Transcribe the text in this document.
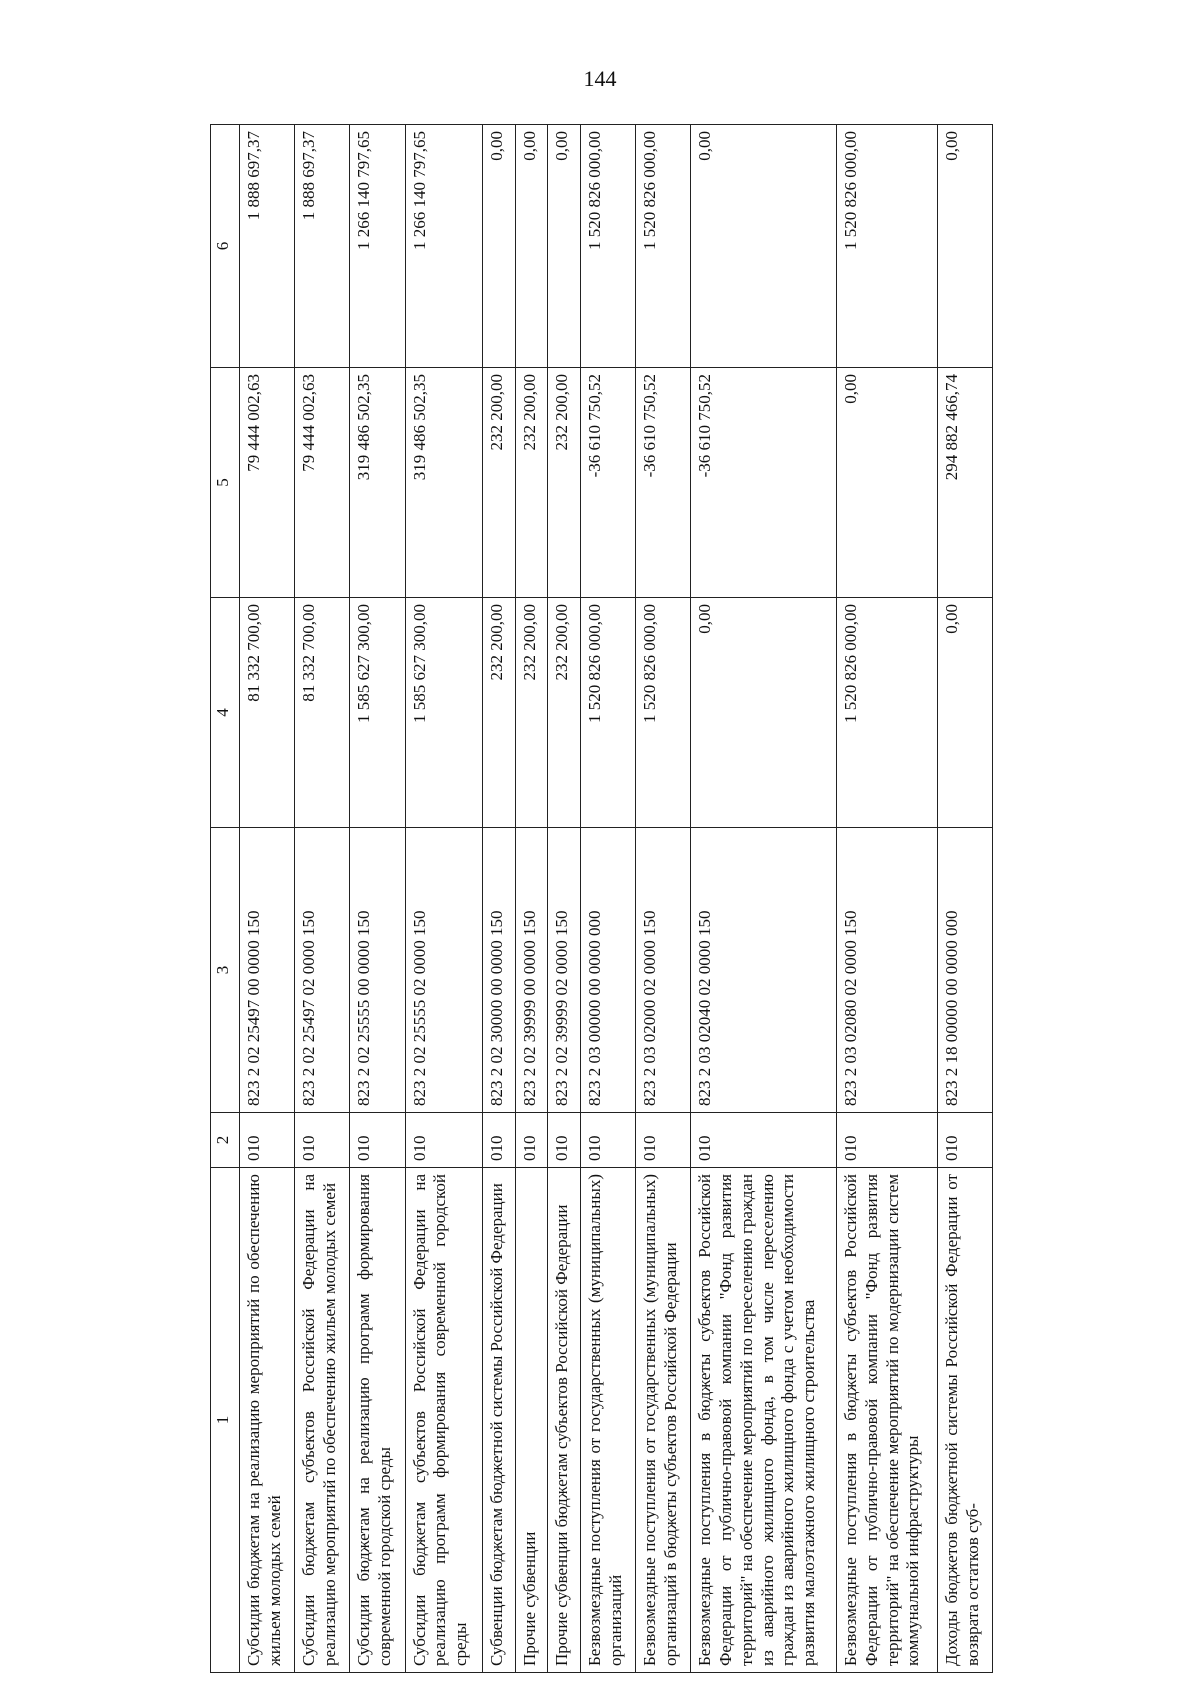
144
1	2	3	4	5	6
Субсидии бюджетам на реализацию мероприятий по обеспечению жильем молодых семей	010	823 2 02 25497 00 0000 150	81 332 700,00	79 444 002,63	1 888 697,37
Субсидии бюджетам субъектов Российской Федерации на реализацию мероприятий по обеспечению жильем молодых семей	010	823 2 02 25497 02 0000 150	81 332 700,00	79 444 002,63	1 888 697,37
Субсидии бюджетам на реализацию программ формирования современной городской среды	010	823 2 02 25555 00 0000 150	1 585 627 300,00	319 486 502,35	1 266 140 797,65
Субсидии бюджетам субъектов Российской Федерации на реализацию программ формирования современной городской среды	010	823 2 02 25555 02 0000 150	1 585 627 300,00	319 486 502,35	1 266 140 797,65
Субвенции бюджетам бюджетной системы Российской Федерации	010	823 2 02 30000 00 0000 150	232 200,00	232 200,00	0,00
Прочие субвенции	010	823 2 02 39999 00 0000 150	232 200,00	232 200,00	0,00
Прочие субвенции бюджетам субъектов Российской Федерации	010	823 2 02 39999 02 0000 150	232 200,00	232 200,00	0,00
Безвозмездные поступления от государственных (муниципальных) организаций	010	823 2 03 00000 00 0000 000	1 520 826 000,00	-36 610 750,52	1 520 826 000,00
Безвозмездные поступления от государственных (муниципальных) организаций в бюджеты субъектов Российской Федерации	010	823 2 03 02000 02 0000 150	1 520 826 000,00	-36 610 750,52	1 520 826 000,00
Безвозмездные поступления в бюджеты субъектов Российской Федерации от публично-правовой компании "Фонд развития территорий" на обеспечение мероприятий по переселению граждан из аварийного жилищного фонда, в том числе переселению граждан из аварийного жилищного фонда с учетом необходимости развития малоэтажного жилищного строительства	010	823 2 03 02040 02 0000 150	0,00	-36 610 750,52	0,00
Безвозмездные поступления в бюджеты субъектов Российской Федерации от публично-правовой компании "Фонд развития территорий" на обеспечение мероприятий по модернизации систем коммунальной инфраструктуры	010	823 2 03 02080 02 0000 150	1 520 826 000,00	0,00	1 520 826 000,00
Доходы бюджетов бюджетной системы Российской Федерации от возврата остатков суб-	010	823 2 18 00000 00 0000 000	0,00	294 882 466,74	0,00
